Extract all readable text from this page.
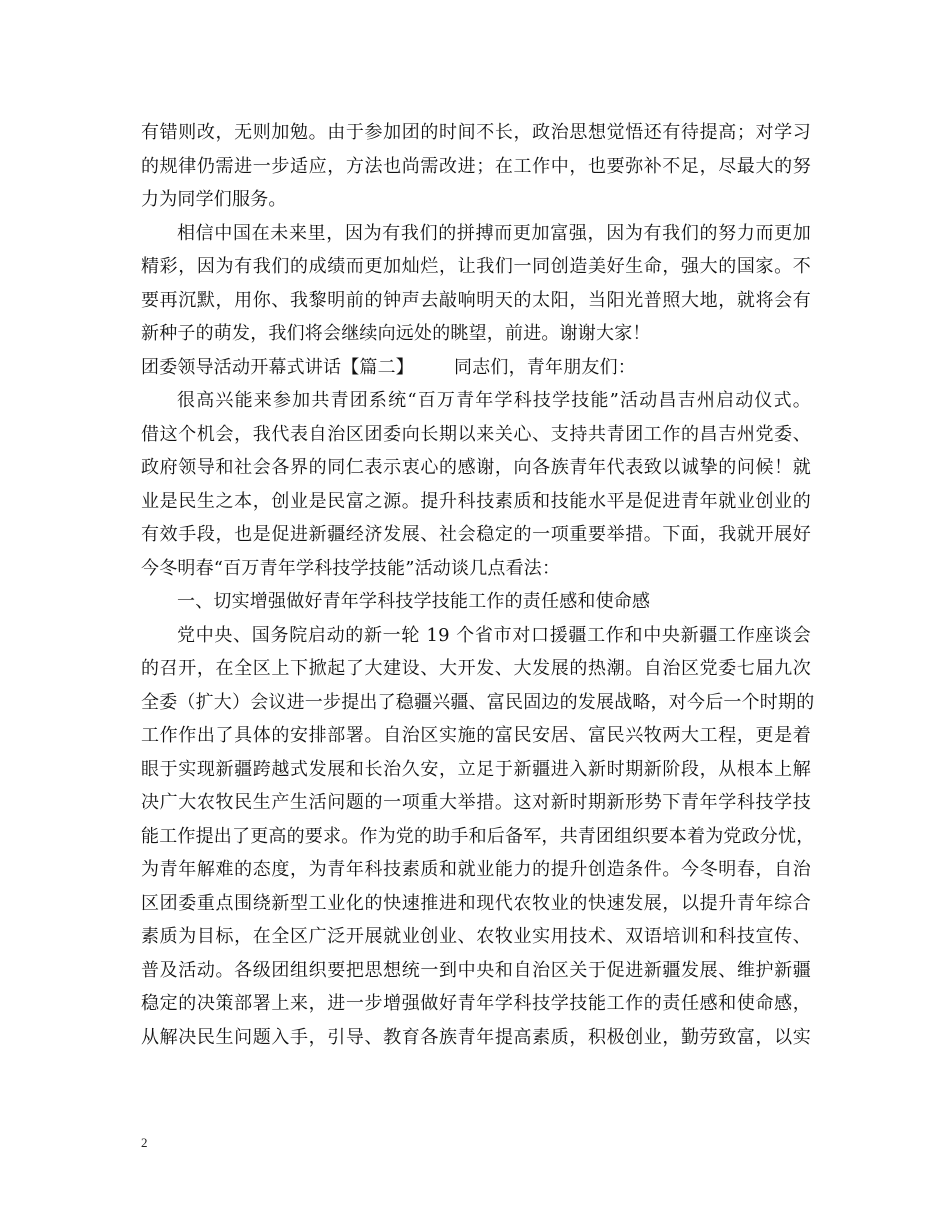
有错则改，无则加勉。由于参加团的时间不长，政治思想觉悟还有待提高；对学习
的规律仍需进一步适应，方法也尚需改进；在工作中，也要弥补不足，尽最大的努
力为同学们服务。
相信中国在未来里，因为有我们的拼搏而更加富强，因为有我们的努力而更加
精彩，因为有我们的成绩而更加灿烂，让我们一同创造美好生命，强大的国家。不
要再沉默，用你、我黎明前的钟声去敲响明天的太阳，当阳光普照大地，就将会有
新种子的萌发，我们将会继续向远处的眺望，前进。谢谢大家！
团委领导活动开幕式讲话【篇二】 同志们，青年朋友们：
很高兴能来参加共青团系统“百万青年学科技学技能”活动昌吉州启动仪式。
借这个机会，我代表自治区团委向长期以来关心、支持共青团工作的昌吉州党委、
政府领导和社会各界的同仁表示衷心的感谢，向各族青年代表致以诚挚的问候！就
业是民生之本，创业是民富之源。提升科技素质和技能水平是促进青年就业创业的
有效手段，也是促进新疆经济发展、社会稳定的一项重要举措。下面，我就开展好
今冬明春“百万青年学科技学技能”活动谈几点看法：
一、切实增强做好青年学科技学技能工作的责任感和使命感
党中央、国务院启动的新一轮 19 个省市对口援疆工作和中央新疆工作座谈会
的召开，在全区上下掀起了大建设、大开发、大发展的热潮。自治区党委七届九次
全委（扩大）会议进一步提出了稳疆兴疆、富民固边的发展战略，对今后一个时期的
工作作出了具体的安排部署。自治区实施的富民安居、富民兴牧两大工程，更是着
眼于实现新疆跨越式发展和长治久安，立足于新疆进入新时期新阶段，从根本上解
决广大农牧民生产生活问题的一项重大举措。这对新时期新形势下青年学科技学技
能工作提出了更高的要求。作为党的助手和后备军，共青团组织要本着为党政分忧，
为青年解难的态度，为青年科技素质和就业能力的提升创造条件。今冬明春，自治
区团委重点围绕新型工业化的快速推进和现代农牧业的快速发展，以提升青年综合
素质为目标，在全区广泛开展就业创业、农牧业实用技术、双语培训和科技宣传、
普及活动。各级团组织要把思想统一到中央和自治区关于促进新疆发展、维护新疆
稳定的决策部署上来，进一步增强做好青年学科技学技能工作的责任感和使命感，
从解决民生问题入手，引导、教育各族青年提高素质，积极创业，勤劳致富，以实
2
